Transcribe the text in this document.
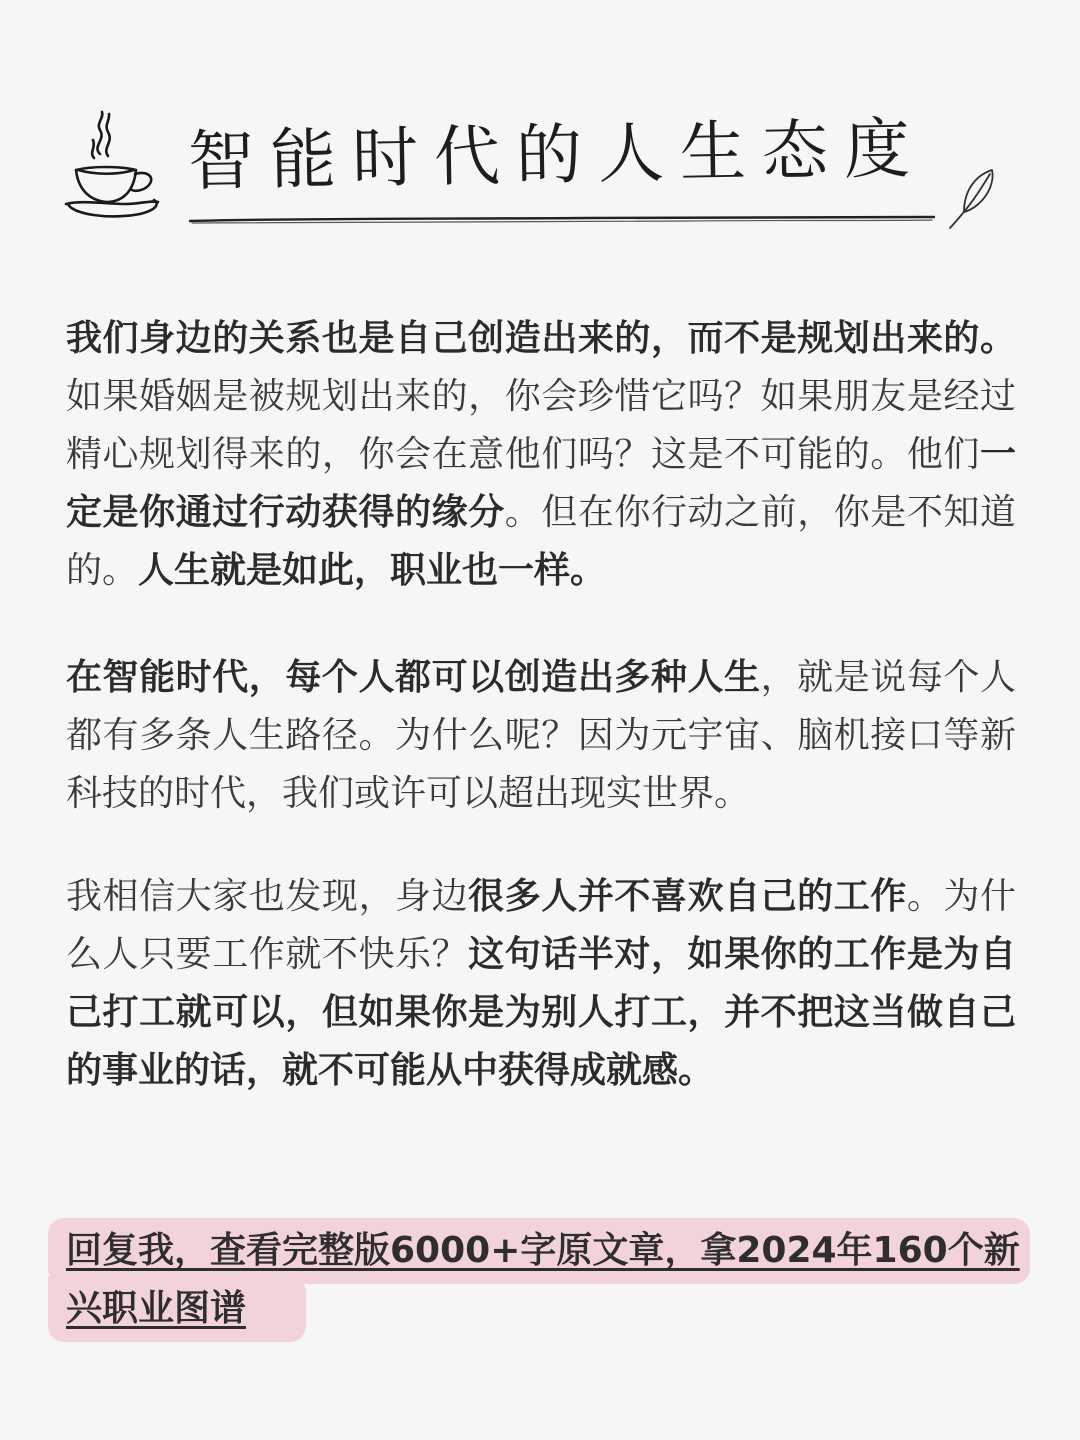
智能时代的人生态度

我们身边的关系也是自己创造出来的，而不是规划出来的。如果婚姻是被规划出来的，你会珍惜它吗？如果朋友是经过精心规划得来的，你会在意他们吗？这是不可能的。他们一定是你通过行动获得的缘分。但在你行动之前，你是不知道的。人生就是如此，职业也一样。

在智能时代，每个人都可以创造出多种人生，就是说每个人都有多条人生路径。为什么呢？因为元宇宙、脑机接口等新科技的时代，我们或许可以超出现实世界。

我相信大家也发现，身边很多人并不喜欢自己的工作。为什么人只要工作就不快乐？这句话半对，如果你的工作是为自己打工就可以，但如果你是为别人打工，并不把这当做自己的事业的话，就不可能从中获得成就感。

回复我，查看完整版6000+字原文章，拿2024年160个新兴职业图谱
